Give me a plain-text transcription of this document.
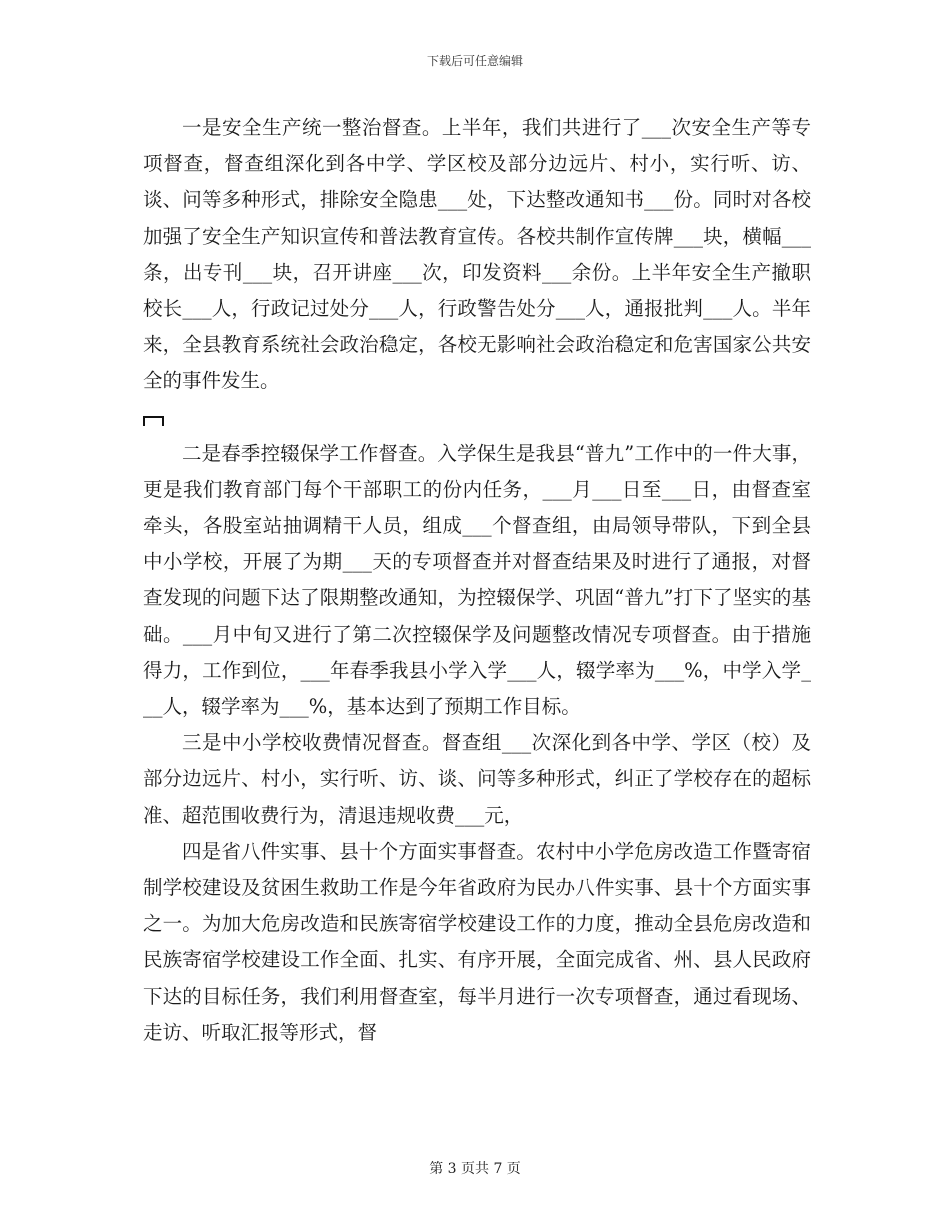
下载后可任意编辑

一是安全生产统一整治督查。上半年，我们共进行了___次安全生产等专项督查，督查组深化到各中学、学区校及部分边远片、村小，实行听、访、谈、问等多种形式，排除安全隐患___处，下达整改通知书___份。同时对各校加强了安全生产知识宣传和普法教育宣传。各校共制作宣传牌___块，横幅___条，出专刊___块，召开讲座___次，印发资料___余份。上半年安全生产撤职校长___人，行政记过处分___人，行政警告处分___人，通报批判___人。半年来，全县教育系统社会政治稳定，各校无影响社会政治稳定和危害国家公共安全的事件发生。

二是春季控辍保学工作督查。入学保生是我县“普九”工作中的一件大事，更是我们教育部门每个干部职工的份内任务，___月___日至___日，由督查室牵头，各股室站抽调精干人员，组成___个督查组，由局领导带队，下到全县中小学校，开展了为期___天的专项督查并对督查结果及时进行了通报，对督查发现的问题下达了限期整改通知，为控辍保学、巩固“普九”打下了坚实的基础。___月中旬又进行了第二次控辍保学及问题整改情况专项督查。由于措施得力，工作到位，___年春季我县小学入学___人，辍学率为___%，中学入学___人，辍学率为___%，基本达到了预期工作目标。

三是中小学校收费情况督查。督查组___次深化到各中学、学区（校）及部分边远片、村小，实行听、访、谈、问等多种形式，纠正了学校存在的超标准、超范围收费行为，清退违规收费___元，

四是省八件实事、县十个方面实事督查。农村中小学危房改造工作暨寄宿制学校建设及贫困生救助工作是今年省政府为民办八件实事、县十个方面实事之一。为加大危房改造和民族寄宿学校建设工作的力度，推动全县危房改造和民族寄宿学校建设工作全面、扎实、有序开展，全面完成省、州、县人民政府下达的目标任务，我们利用督查室，每半月进行一次专项督查，通过看现场、走访、听取汇报等形式，督

第 3 页共 7 页
